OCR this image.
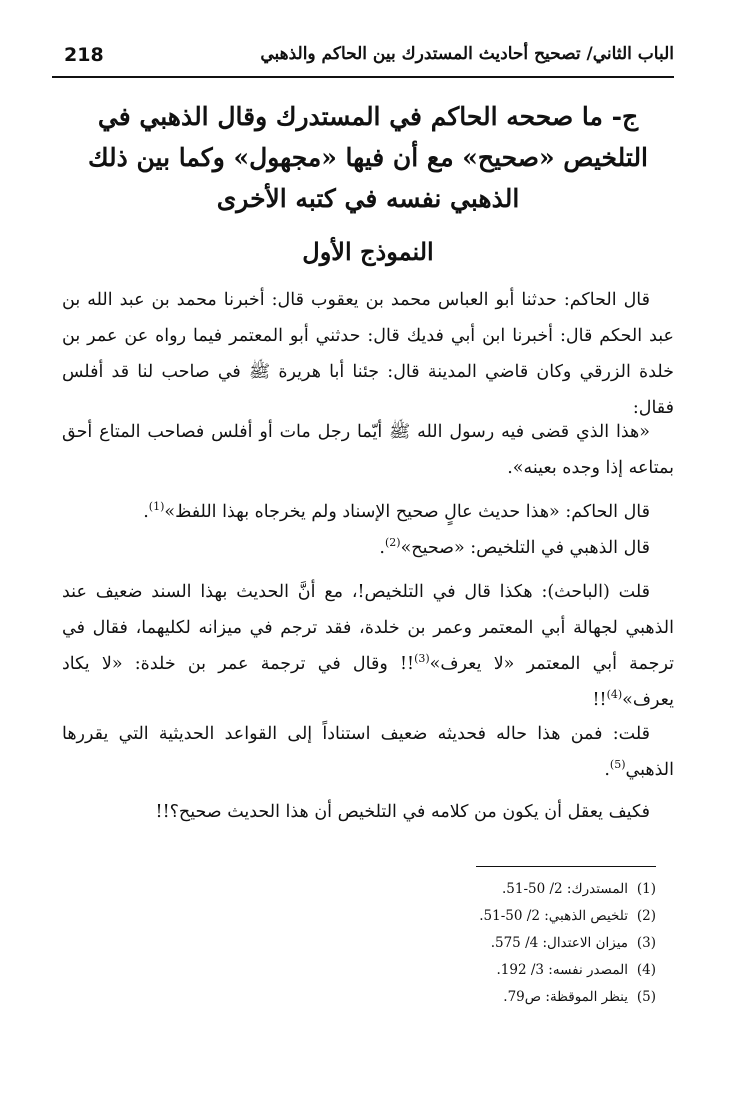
218	الباب الثاني/ تصحيح أحاديث المستدرك بين الحاكم والذهبي
ج- ما صححه الحاكم في المستدرك وقال الذهبي في التلخيص «صحيح» مع أن فيها «مجهول» وكما بين ذلك الذهبي نفسه في كتبه الأخرى
النموذج الأول

قال الحاكم: حدثنا أبو العباس محمد بن يعقوب قال: أخبرنا محمد بن عبد الله بن عبد الحكم قال: أخبرنا ابن أبي فديك قال: حدثني أبو المعتمر فيما رواه عن عمر بن خلدة الزرقي وكان قاضي المدينة قال: جئنا أبا هريرة ﷺ في صاحب لنا قد أفلس فقال:

«هذا الذي قضى فيه رسول الله ﷺ أيّما رجل مات أو أفلس فصاحب المتاع أحق بمتاعه إذا وجده بعينه».

قال الحاكم: «هذا حديث عالٍ صحيح الإسناد ولم يخرجاه بهذا اللفظ»$^{(1)}$.

قال الذهبي في التلخيص: «صحيح»$^{(2)}$.

قلت (الباحث): هكذا قال في التلخيص!، مع أنَّ الحديث بهذا السند ضعيف عند الذهبي لجهالة أبي المعتمر وعمر بن خلدة، فقد ترجم في ميزانه لكليهما، فقال في ترجمة أبي المعتمر «لا يعرف»$^{(3)}$!! وقال في ترجمة عمر بن خلدة: «لا يكاد يعرف»$^{(4)}$!!

قلت: فمن هذا حاله فحديثه ضعيف استناداً إلى القواعد الحديثية التي يقررها الذهبي$^{(5)}$.

فكيف يعقل أن يكون من كلامه في التلخيص أن هذا الحديث صحيح؟!!

(1)
المستدرك: 2/ 50-51.
(2)
تلخيص الذهبي: 2/ 50-51.
(3)
ميزان الاعتدال: 4/ 575.
(4)
المصدر نفسه: 3/ 192.
(5)
ينظر الموقظة: ص79.
